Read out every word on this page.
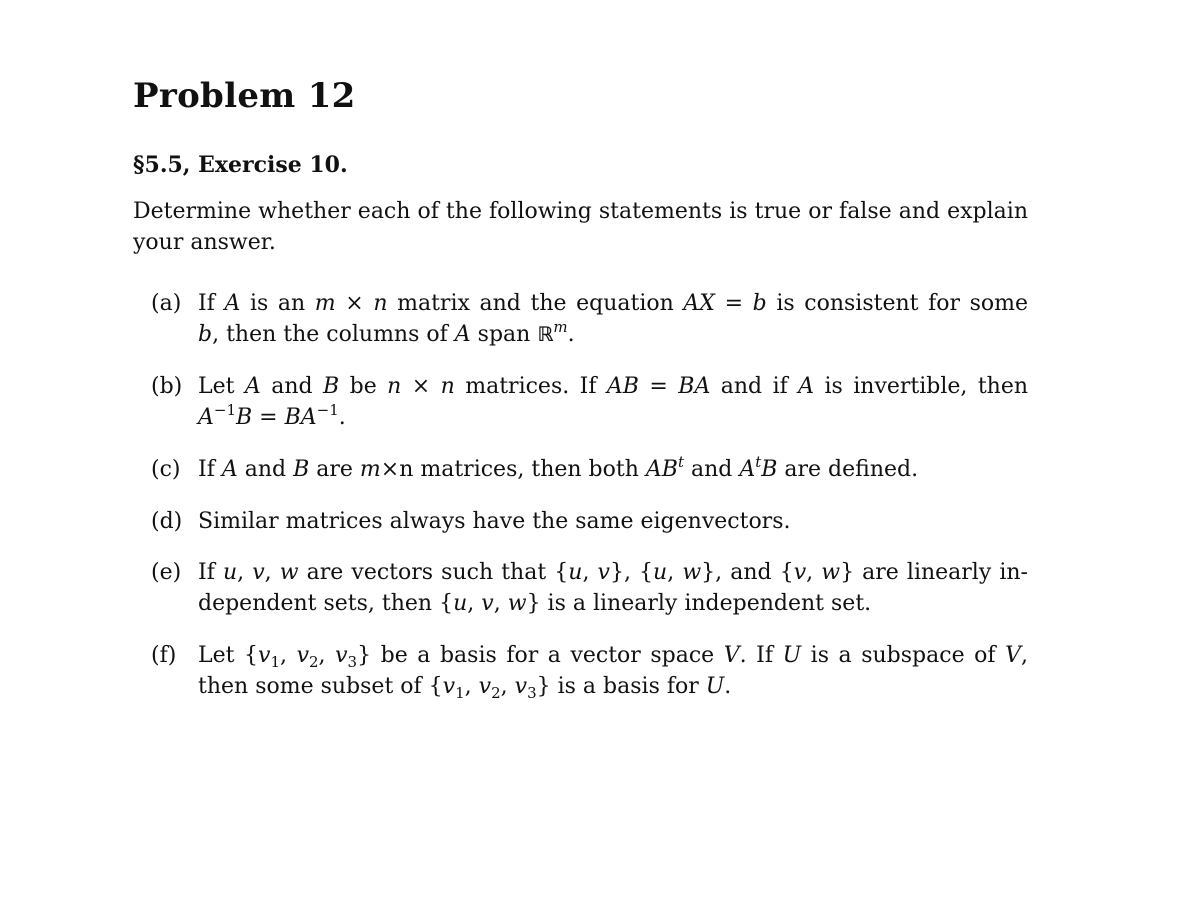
Problem 12
§5.5, Exercise 10.
Determine whether each of the following statements is true or false and explain
your answer.
(a) If A is an m × n matrix and the equation AX = b is consistent for some
b, then the columns of A span ℝ$^m$.
(b) Let A and B be n × n matrices. If AB = BA and if A is invertible, then
$A^{-1}B = BA^{-1}$.
(c) If A and B are m×n matrices, then both $AB^t$ and $A^tB$ are defined.
(d) Similar matrices always have the same eigenvectors.
(e) If u, v, w are vectors such that {u, v}, {u, w}, and {v, w} are linearly in-
dependent sets, then {u, v, w} is a linearly independent set.
(f) Let {$v_1$, $v_2$, $v_3$} be a basis for a vector space V. If U is a subspace of V,
then some subset of {$v_1$, $v_2$, $v_3$} is a basis for U.
